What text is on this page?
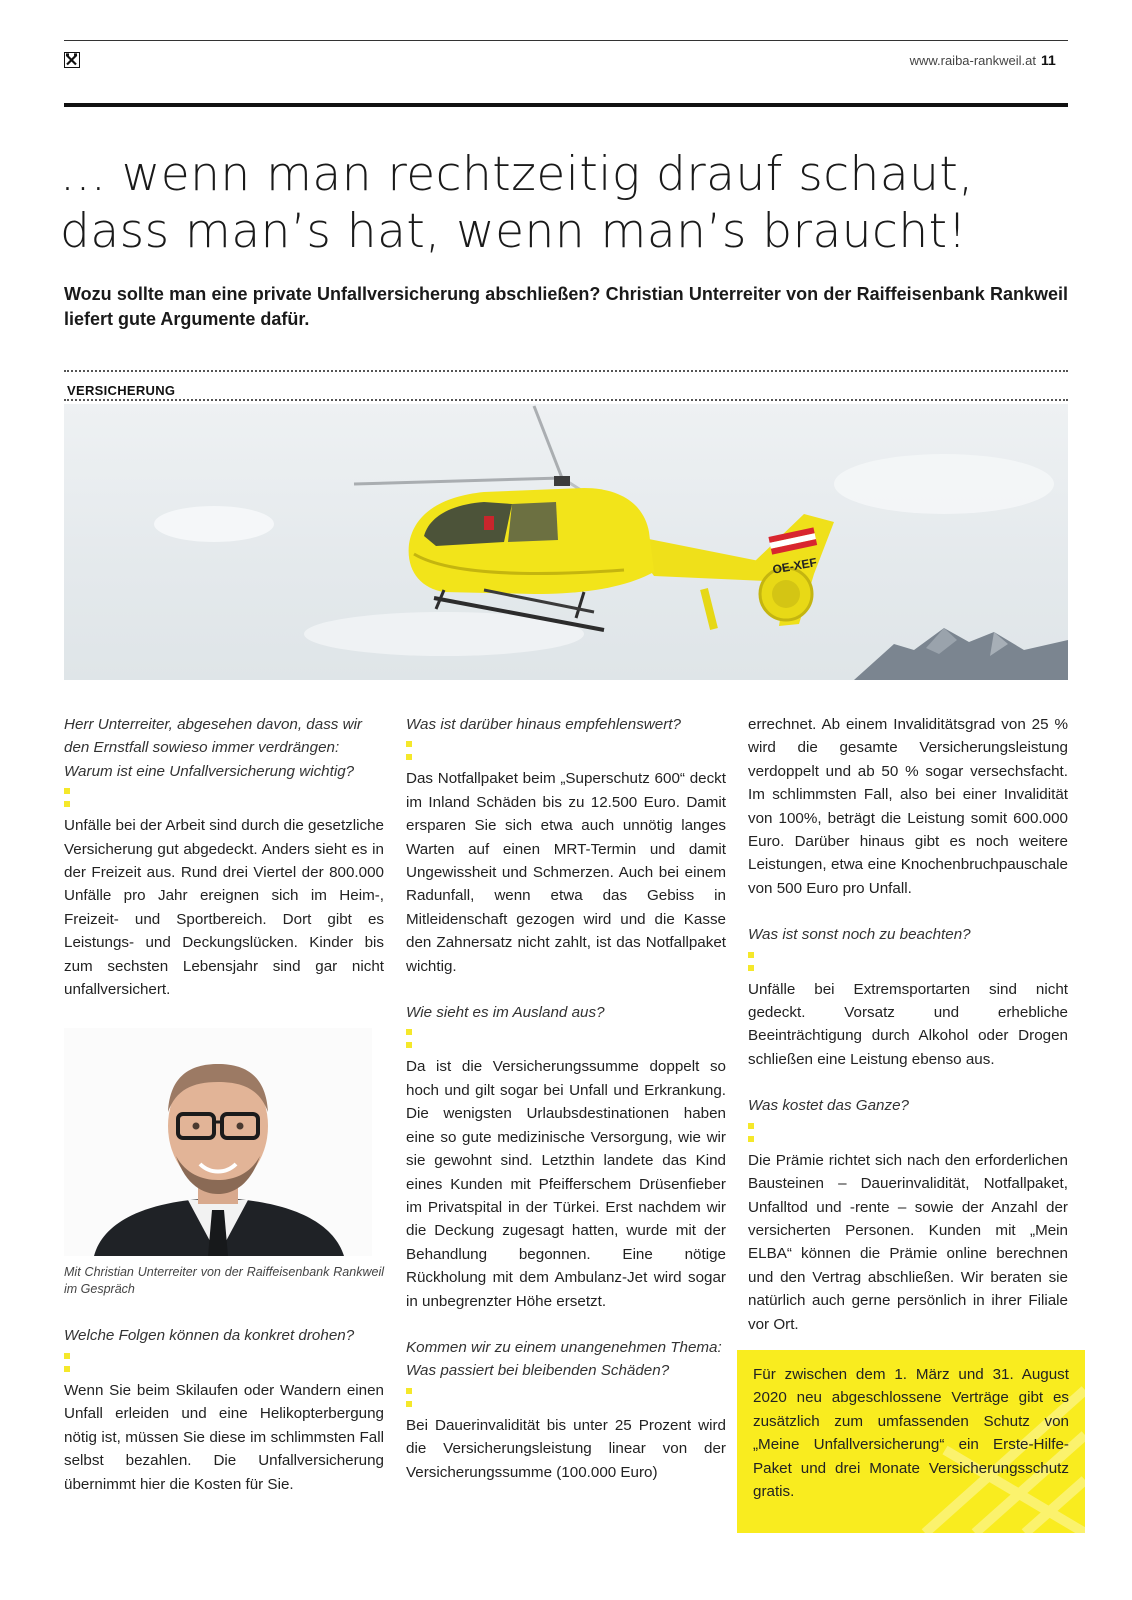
www.raiba-rankweil.at 11
... wenn man rechtzeitig drauf schaut,
dass man’s hat, wenn man’s braucht!

Wozu sollte man eine private Unfallversicherung abschließen? Christian Unterreiter von der Raiffeisenbank Rankweil liefert gute Argumente dafür.

VERSICHERUNG
OE-XEF

Herr Unterreiter, abgesehen davon, dass wir den Ernstfall sowieso immer verdrängen: Warum ist eine Unfallversicherung wichtig?

Unfälle bei der Arbeit sind durch die gesetzliche Versicherung gut abgedeckt. Anders sieht es in der Freizeit aus. Rund drei Viertel der 800.000 Unfälle pro Jahr ereignen sich im Heim-, Freizeit- und Sportbereich. Dort gibt es Leistungs- und Deckungslücken. Kinder bis zum sechsten Lebensjahr sind gar nicht unfallversichert.

Mit Christian Unterreiter von der Raiffeisenbank Rankweil im Gespräch

Welche Folgen können da konkret drohen?

Wenn Sie beim Skilaufen oder Wandern einen Unfall erleiden und eine Helikopterbergung nötig ist, müssen Sie diese im schlimmsten Fall selbst bezahlen. Die Unfallversicherung übernimmt hier die Kosten für Sie.

Was ist darüber hinaus empfehlenswert?

Das Notfallpaket beim „Superschutz 600“ deckt im Inland Schäden bis zu 12.500 Euro. Damit ersparen Sie sich etwa auch unnötig langes Warten auf einen MRT-Termin und damit Ungewissheit und Schmerzen. Auch bei einem Radunfall, wenn etwa das Gebiss in Mitleidenschaft gezogen wird und die Kasse den Zahnersatz nicht zahlt, ist das Notfallpaket wichtig.

Wie sieht es im Ausland aus?

Da ist die Versicherungssumme doppelt so hoch und gilt sogar bei Unfall und Erkrankung. Die wenigsten Urlaubsdestinationen haben eine so gute medizinische Versorgung, wie wir sie gewohnt sind. Letzthin landete das Kind eines Kunden mit Pfeifferschem Drüsenfieber im Privatspital in der Türkei. Erst nachdem wir die Deckung zugesagt hatten, wurde mit der Behandlung begonnen. Eine nötige Rückholung mit dem Ambulanz-Jet wird sogar in unbegrenzter Höhe ersetzt.

Kommen wir zu einem unangenehmen Thema: Was passiert bei bleibenden Schäden?

Bei Dauerinvalidität bis unter 25 Prozent wird die Versicherungsleistung linear von der Versicherungssumme (100.000 Euro)

errechnet. Ab einem Invaliditätsgrad von 25 % wird die gesamte Versicherungsleistung verdoppelt und ab 50 % sogar versechsfacht. Im schlimmsten Fall, also bei einer Invalidität von 100%, beträgt die Leistung somit 600.000 Euro. Darüber hinaus gibt es noch weitere Leistungen, etwa eine Knochenbruchpauschale von 500 Euro pro Unfall.

Was ist sonst noch zu beachten?

Unfälle bei Extremsportarten sind nicht gedeckt. Vorsatz und erhebliche Beeinträchtigung durch Alkohol oder Drogen schließen eine Leistung ebenso aus.

Was kostet das Ganze?

Die Prämie richtet sich nach den erforderlichen Bausteinen – Dauerinvalidität, Notfallpaket, Unfalltod und -rente – sowie der Anzahl der versicherten Personen. Kunden mit „Mein ELBA“ können die Prämie online berechnen und den Vertrag abschließen. Wir beraten sie natürlich auch gerne persönlich in ihrer Filiale vor Ort.

Für zwischen dem 1. März und 31. August 2020 neu abgeschlossene Verträge gibt es zusätzlich zum umfassenden Schutz von „Meine Unfallversicherung“ ein Erste-Hilfe-Paket und drei Monate Versicherungsschutz gratis.
